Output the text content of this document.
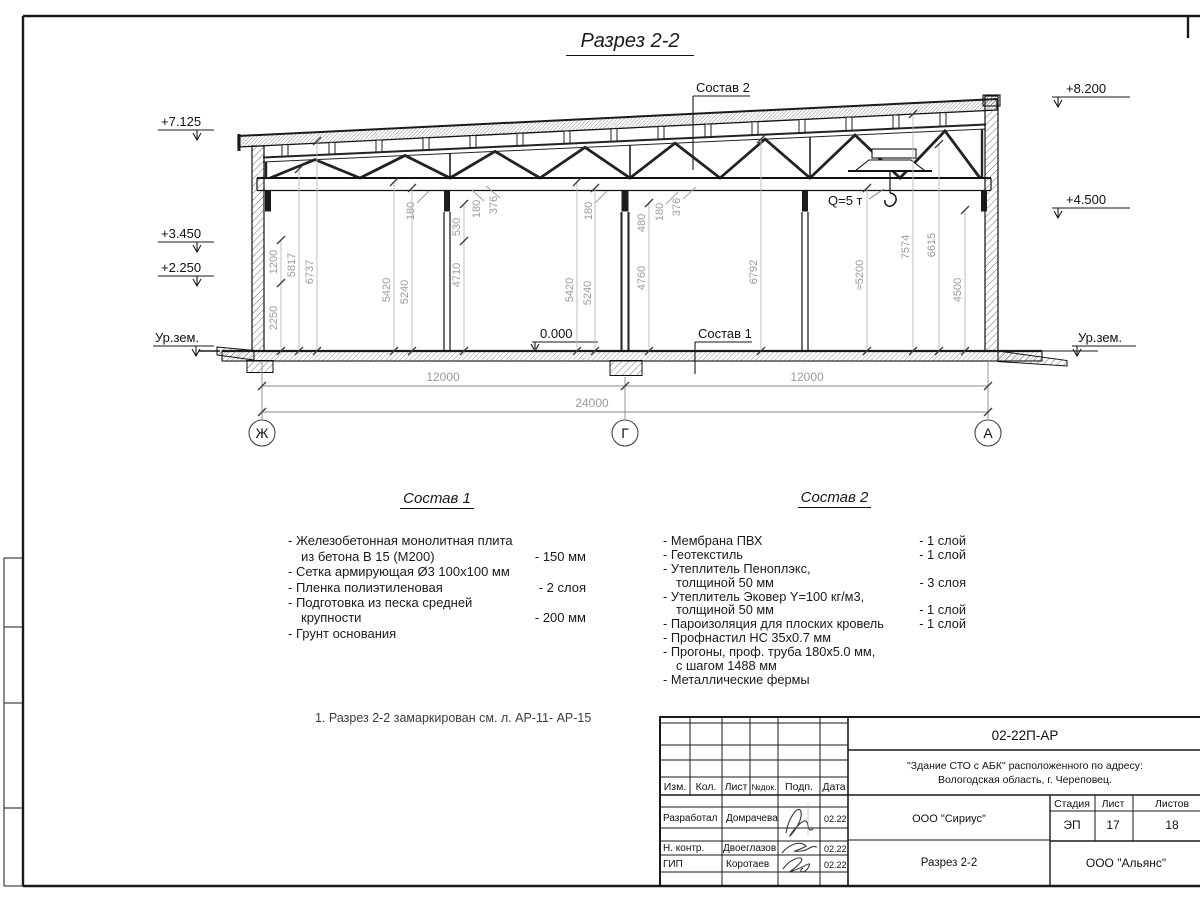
Q=5 т
Состав 2
Состав 1
0.000
+7.125
+3.450
+2.250
Ур.зем.
+8.200
+4.500
Ур.зем.
2250
1200 5817 6737
5420 5240
4710
530
180	180 376
5420 5240
4760
180
480
180 376
6792	≈5200
7574 6615
4500
12000	12000
24000
Ж	Г	А
Изм. Кол. Лист №док. Подп. Дата
Разработал Домрачева	02.22
Н. контр. Двоеглазов	02.22
ГИП	Коротаев	02.22
02-22П-АР
"Здание СТО с АБК" расположенного по адресу:
Вологодская область, г. Череповец.
ООО "Сириус"
Разрез 2-2
Стадия Лист	Листов
ЭП 17	18
ООО "Альянс"
Разрез 2-2
Состав 1
- Железобетонная монолитная плита
из бетона В 15 (М200)	- 150 мм
- Сетка армирующая Ø3 100х100 мм
- Пленка полиэтиленовая	- 2 слоя
- Подготовка из песка средней
крупности	- 200 мм
- Грунт основания
Состав 2
- Мембрана ПВХ	- 1 слой
- Геотекстиль	- 1 слой
- Утеплитель Пеноплэкс,
толщиной 50 мм	- 3 слоя
- Утеплитель Эковер Y=100 кг/м3,
толщиной 50 мм	- 1 слой
- Пароизоляция для плоских кровель	- 1 слой
- Профнастил НС 35х0.7 мм
- Прогоны, проф. труба 180х5.0 мм,
с шагом 1488 мм
- Металлические фермы
1. Разрез 2-2 замаркирован см. л. АР-11- АР-15
